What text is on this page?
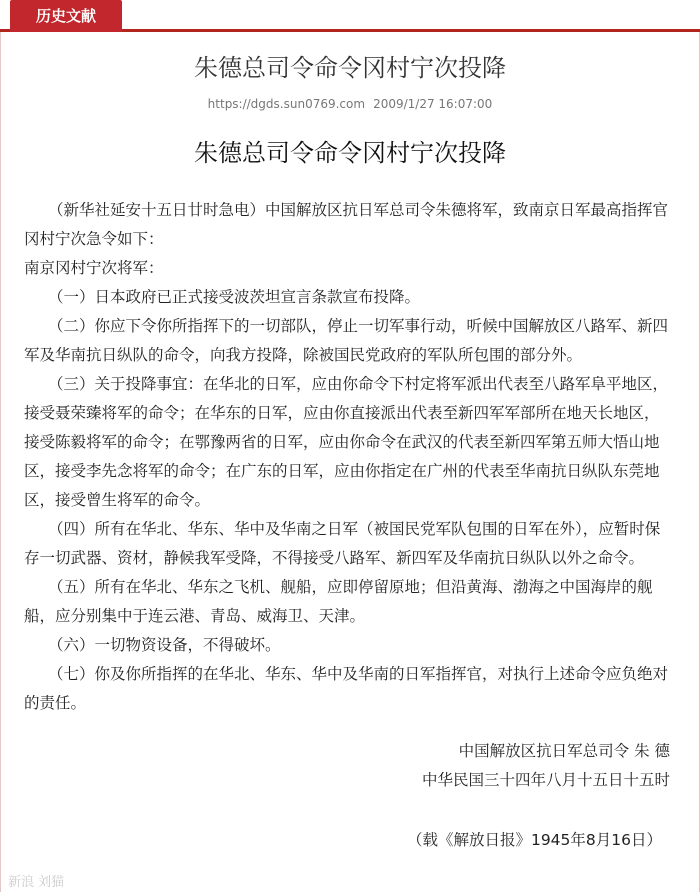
历史文献
朱德总司令命令冈村宁次投降
https://dgds.sun0769.com 2009/1/27 16:07:00
朱德总司令命令冈村宁次投降

（新华社延安十五日廿时急电）中国解放区抗日军总司令朱德将军，致南京日军最高指挥官冈村宁次急令如下：

南京冈村宁次将军：

（一）日本政府已正式接受波茨坦宣言条款宣布投降。

（二）你应下令你所指挥下的一切部队，停止一切军事行动，听候中国解放区八路军、新四军及华南抗日纵队的命令，向我方投降，除被国民党政府的军队所包围的部分外。

（三）关于投降事宜：在华北的日军，应由你命令下村定将军派出代表至八路军阜平地区，接受聂荣臻将军的命令；在华东的日军，应由你直接派出代表至新四军军部所在地天长地区，接受陈毅将军的命令；在鄂豫两省的日军，应由你命令在武汉的代表至新四军第五师大悟山地区，接受李先念将军的命令；在广东的日军，应由你指定在广州的代表至华南抗日纵队东莞地区，接受曾生将军的命令。

（四）所有在华北、华东、华中及华南之日军（被国民党军队包围的日军在外），应暂时保存一切武器、资材，静候我军受降，不得接受八路军、新四军及华南抗日纵队以外之命令。

（五）所有在华北、华东之飞机、舰船，应即停留原地；但沿黄海、渤海之中国海岸的舰船，应分别集中于连云港、青岛、威海卫、天津。

（六）一切物资设备，不得破坏。

（七）你及你所指挥的在华北、华东、华中及华南的日军指挥官，对执行上述命令应负绝对的责任。

中国解放区抗日军总司令 朱 德

中华民国三十四年八月十五日十五时

（载《解放日报》1945年8月16日）
新浪 刘猫
